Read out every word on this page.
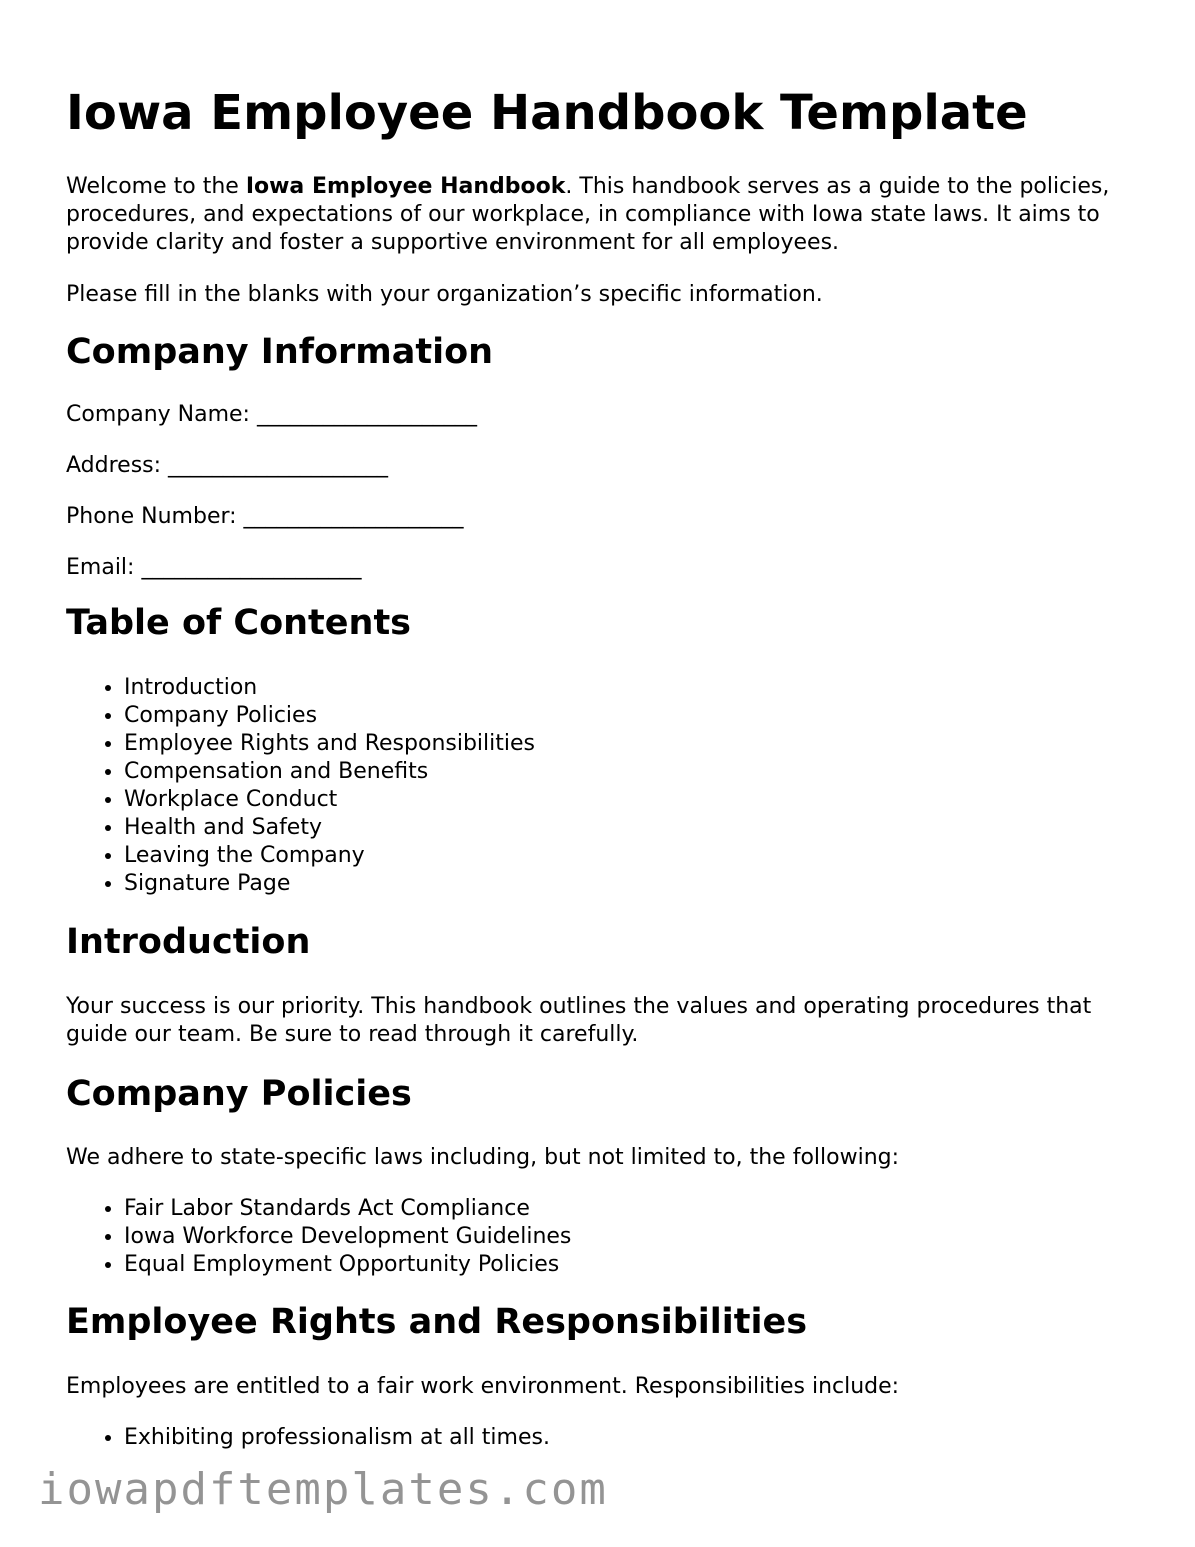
Iowa Employee Handbook Template

Welcome to the Iowa Employee Handbook. This handbook serves as a guide to the policies, procedures, and expectations of our workplace, in compliance with Iowa state laws. It aims to provide clarity and foster a supportive environment for all employees.

Please fill in the blanks with your organization’s specific information.

Company Information

Company Name: ____________________

Address: ____________________

Phone Number: ____________________

Email: ____________________

Table of Contents
• Introduction
• Company Policies
• Employee Rights and Responsibilities
• Compensation and Benefits
• Workplace Conduct
• Health and Safety
• Leaving the Company
• Signature Page
Introduction

Your success is our priority. This handbook outlines the values and operating procedures that guide our team. Be sure to read through it carefully.

Company Policies

We adhere to state-specific laws including, but not limited to, the following:

• Fair Labor Standards Act Compliance
• Iowa Workforce Development Guidelines
• Equal Employment Opportunity Policies
Employee Rights and Responsibilities

Employees are entitled to a fair work environment. Responsibilities include:

• Exhibiting professionalism at all times.
iowapdftemplates.com
